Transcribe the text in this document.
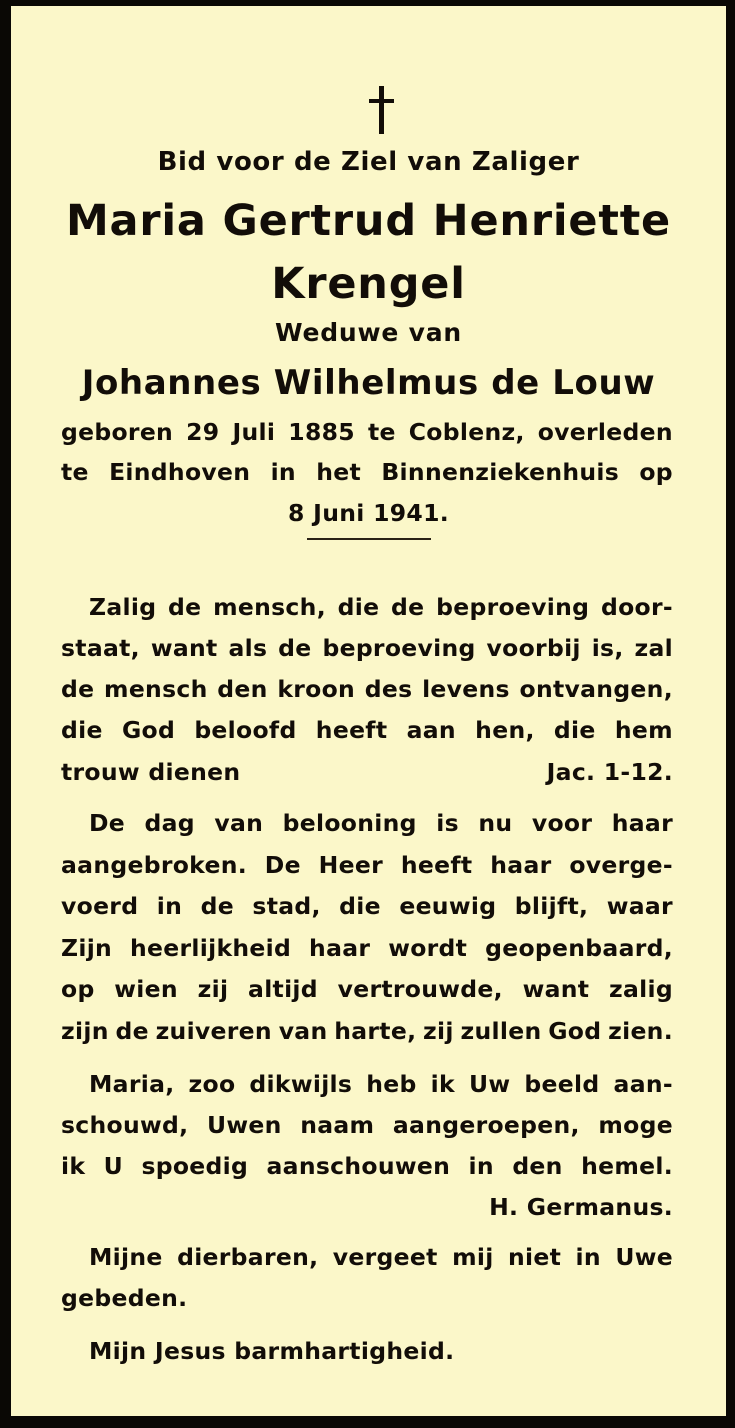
Bid voor de Ziel van Zaliger
Maria Gertrud Henriette
Krengel
Weduwe van
Johannes Wilhelmus de Louw
geboren 29 Juli 1885 te Coblenz, overleden
te Eindhoven in het Binnenziekenhuis op
8 Juni 1941.
Zalig de mensch, die de beproeving door-
staat, want als de beproeving voorbij is, zal
de mensch den kroon des levens ontvangen,
die God beloofd heeft aan hen, die hem
trouw dienen	Jac. 1-12.
De dag van belooning is nu voor haar
aangebroken. De Heer heeft haar overge-
voerd in de stad, die eeuwig blijft, waar
Zijn heerlijkheid haar wordt geopenbaard,
op wien zij altijd vertrouwde, want zalig
zijn de zuiveren van harte, zij zullen God zien.
Maria, zoo dikwijls heb ik Uw beeld aan-
schouwd, Uwen naam aangeroepen, moge
ik U spoedig aanschouwen in den hemel.
H. Germanus.
Mijne dierbaren, vergeet mij niet in Uwe
gebeden.
Mijn Jesus barmhartigheid.
